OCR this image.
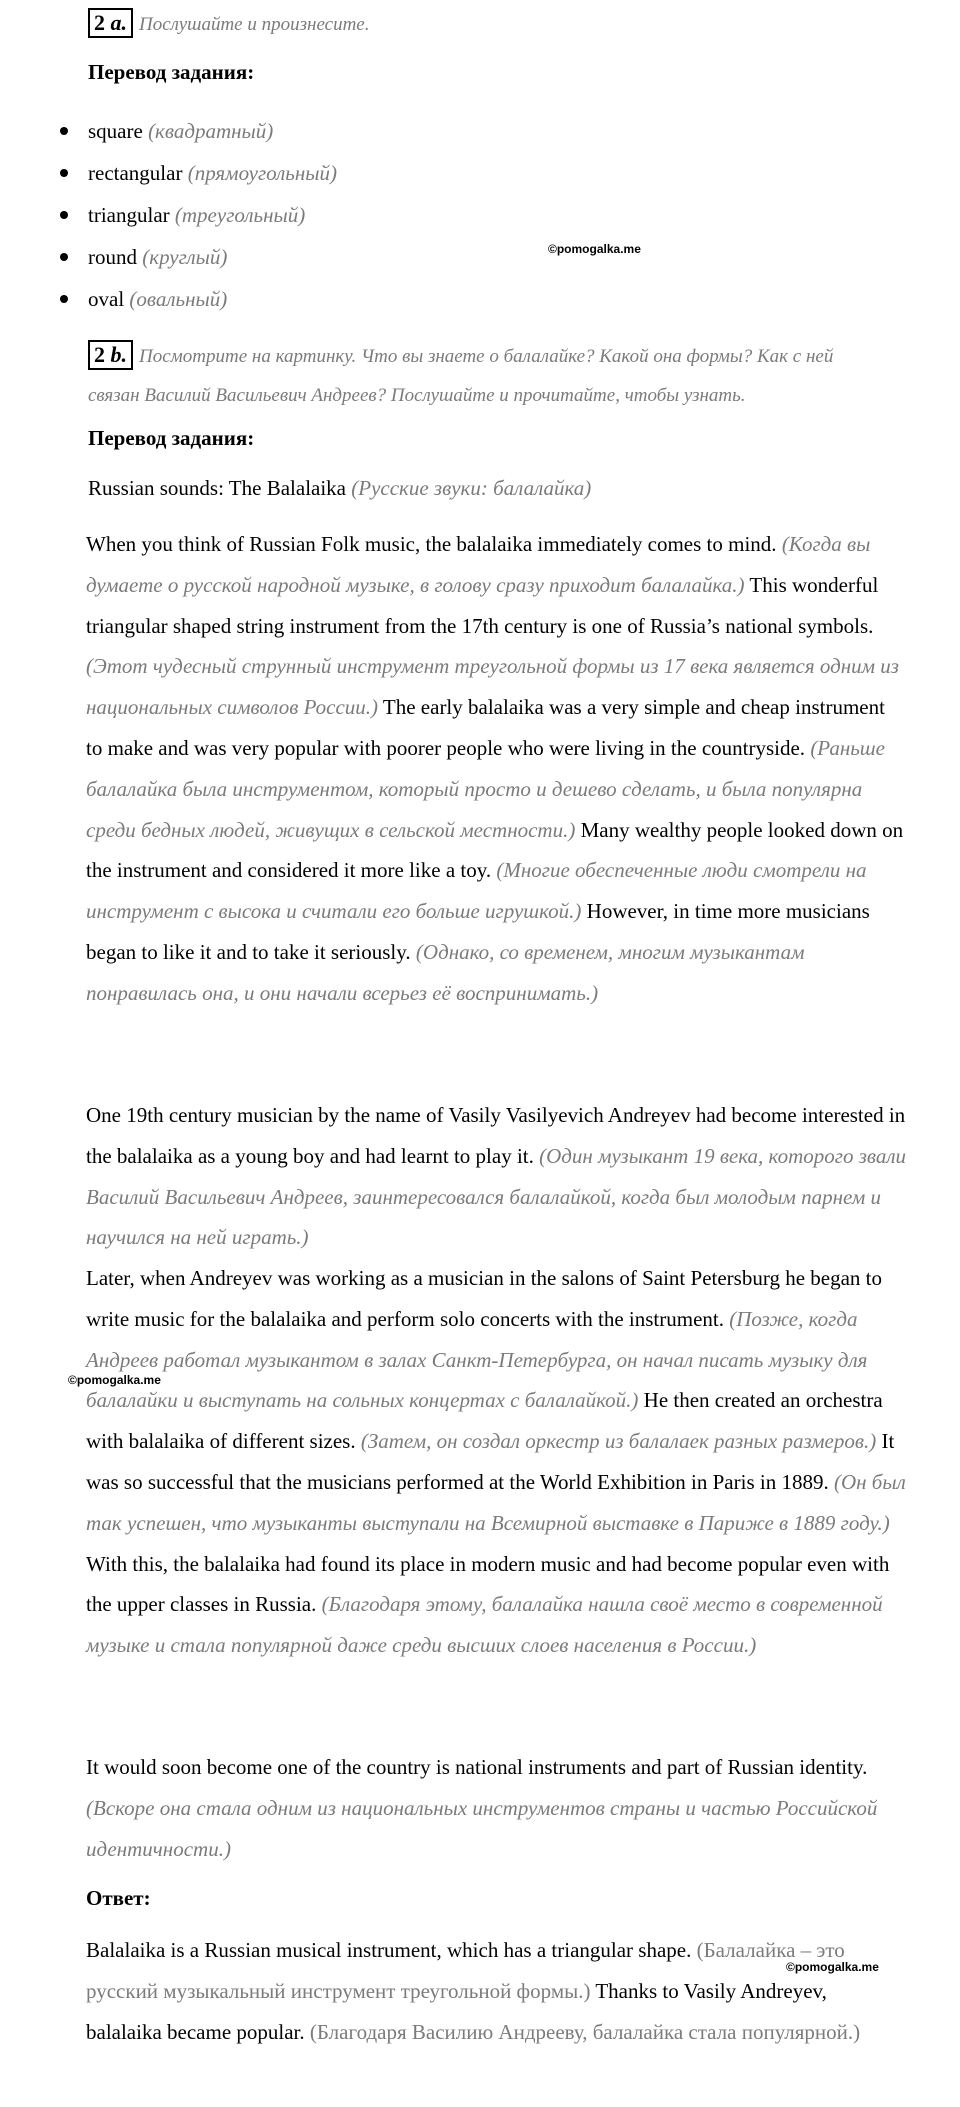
2 a. Послушайте и произнесите.
Перевод задания:
square (квадратный)
rectangular (прямоугольный)
triangular (треугольный)
round (круглый)
oval (овальный)
©pomogalka.me
2 b. Посмотрите на картинку. Что вы знаете о балалайке? Какой она формы? Как с ней
связан Василий Васильевич Андреев? Послушайте и прочитайте, чтобы узнать.
Перевод задания:
Russian sounds: The Balalaika (Русские звуки: балалайка)
When you think of Russian Folk music, the balalaika immediately comes to mind. (Когда вы думаете о русской народной музыке, в голову сразу приходит балалайка.) This wonderful triangular shaped string instrument from the 17th century is one of Russia’s national symbols. (Этот чудесный струнный инструмент треугольной формы из 17 века является одним из национальных символов России.) The early balalaika was a very simple and cheap instrument to make and was very popular with poorer people who were living in the countryside. (Раньше балалайка была инструментом, который просто и дешево сделать, и была популярна среди бедных людей, живущих в сельской местности.) Many wealthy people looked down on the instrument and considered it more like a toy. (Многие обеспеченные люди смотрели на инструмент с высока и считали его больше игрушкой.) However, in time more musicians began to like it and to take it seriously. (Однако, со временем, многим музыкантам понравилась она, и они начали всерьез её воспринимать.)
One 19th century musician by the name of Vasily Vasilyevich Andreyev had become interested in the balalaika as a young boy and had learnt to play it. (Один музыкант 19 века, которого звали Василий Васильевич Андреев, заинтересовался балалайкой, когда был молодым парнем и научился на ней играть.)
Later, when Andreyev was working as a musician in the salons of Saint Petersburg he began to write music for the balalaika and perform solo concerts with the instrument. (Позже, когда Андреев работал музыкантом в залах Санкт-Петербурга, он начал писать музыку для балалайки и выступать на сольных концертах с балалайкой.) He then created an orchestra with balalaika of different sizes. (Затем, он создал оркестр из балалаек разных размеров.) It was so successful that the musicians performed at the World Exhibition in Paris in 1889. (Он был так успешен, что музыканты выступали на Всемирной выставке в Париже в 1889 году.) With this, the balalaika had found its place in modern music and had become popular even with the upper classes in Russia. (Благодаря этому, балалайка нашла своё место в современной музыке и стала популярной даже среди высших слоев населения в России.)
©pomogalka.me
It would soon become one of the country is national instruments and part of Russian identity. (Вскоре она стала одним из национальных инструментов страны и частью Российской идентичности.)
Ответ:
Balalaika is a Russian musical instrument, which has a triangular shape. (Балалайка – это русский музыкальный инструмент треугольной формы.) Thanks to Vasily Andreyev, balalaika became popular. (Благодаря Василию Андрееву, балалайка стала популярной.)
©pomogalka.me
